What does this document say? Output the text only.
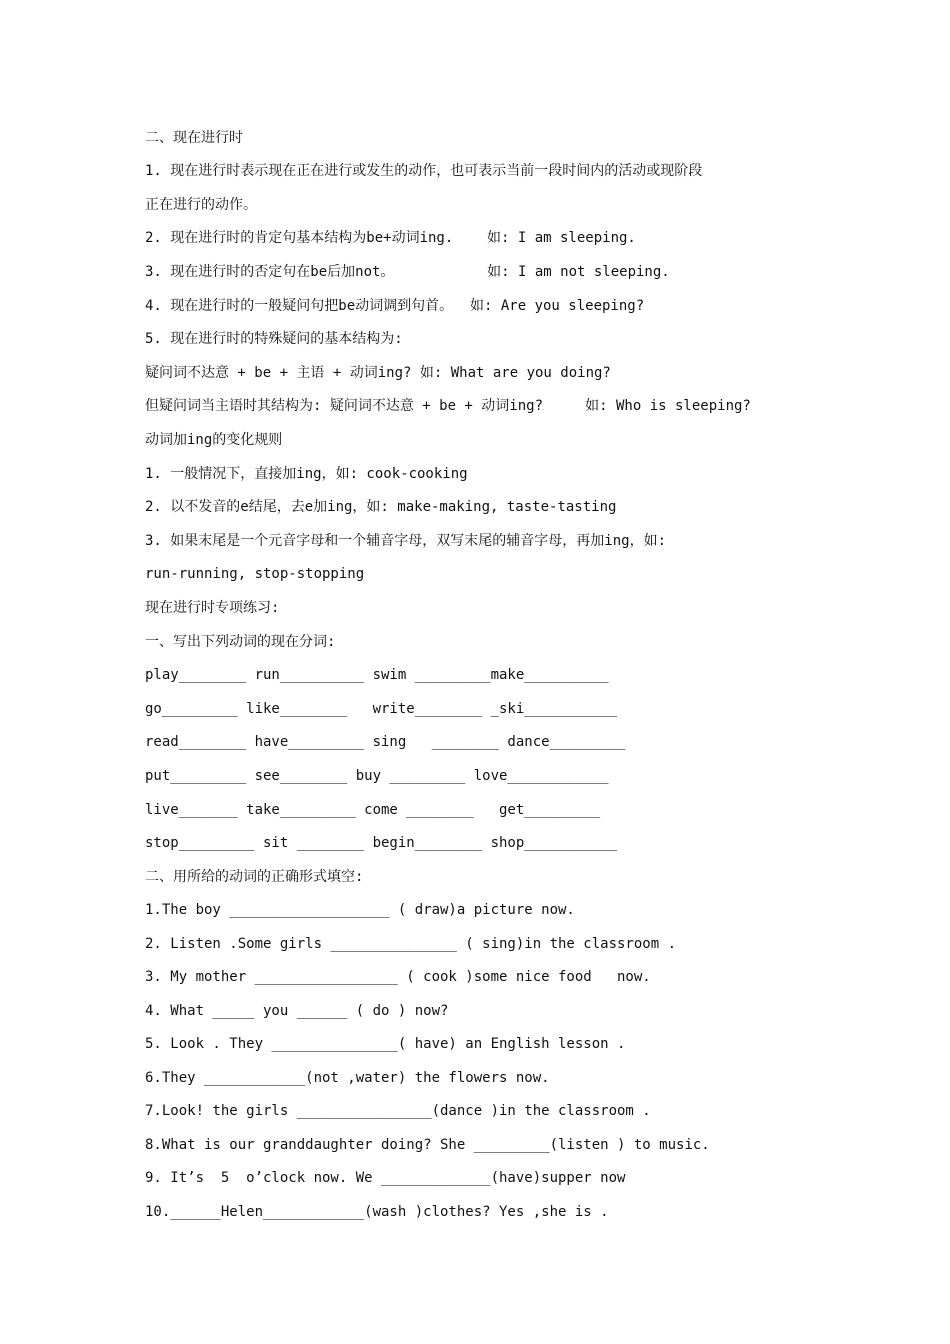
二、现在进行时
1. 现在进行时表示现在正在进行或发生的动作，也可表示当前一段时间内的活动或现阶段
正在进行的动作。
2. 现在进行时的肯定句基本结构为be+动词ing.    如: I am sleeping.
3. 现在进行时的否定句在be后加not。           如: I am not sleeping.
4. 现在进行时的一般疑问句把be动词调到句首。  如: Are you sleeping?
5. 现在进行时的特殊疑问的基本结构为:
疑问词不达意 + be + 主语 + 动词ing? 如: What are you doing?
但疑问词当主语时其结构为: 疑问词不达意 + be + 动词ing?     如: Who is sleeping?
动词加ing的变化规则
1. 一般情况下，直接加ing，如: cook-cooking
2. 以不发音的e结尾，去e加ing，如: make-making, taste-tasting
3. 如果末尾是一个元音字母和一个辅音字母，双写末尾的辅音字母，再加ing，如:
run-running, stop-stopping
现在进行时专项练习:
一、写出下列动词的现在分词:
play________ run__________ swim _________make__________
go_________ like________   write________ _ski___________
read________ have_________ sing   ________ dance_________
put_________ see________ buy _________ love____________
live_______ take_________ come ________   get_________
stop_________ sit ________ begin________ shop___________
二、用所给的动词的正确形式填空:
1.The boy ___________________ ( draw)a picture now.
2. Listen .Some girls _______________ ( sing)in the classroom .
3. My mother _________________ ( cook )some nice food   now.
4. What _____ you ______ ( do ) now?
5. Look . They _______________( have) an English lesson .
6.They ____________(not ,water) the flowers now.
7.Look! the girls ________________(dance )in the classroom .
8.What is our granddaughter doing? She _________(listen ) to music.
9. It’s  5  o’clock now. We _____________(have)supper now
10.______Helen____________(wash )clothes? Yes ,she is .
